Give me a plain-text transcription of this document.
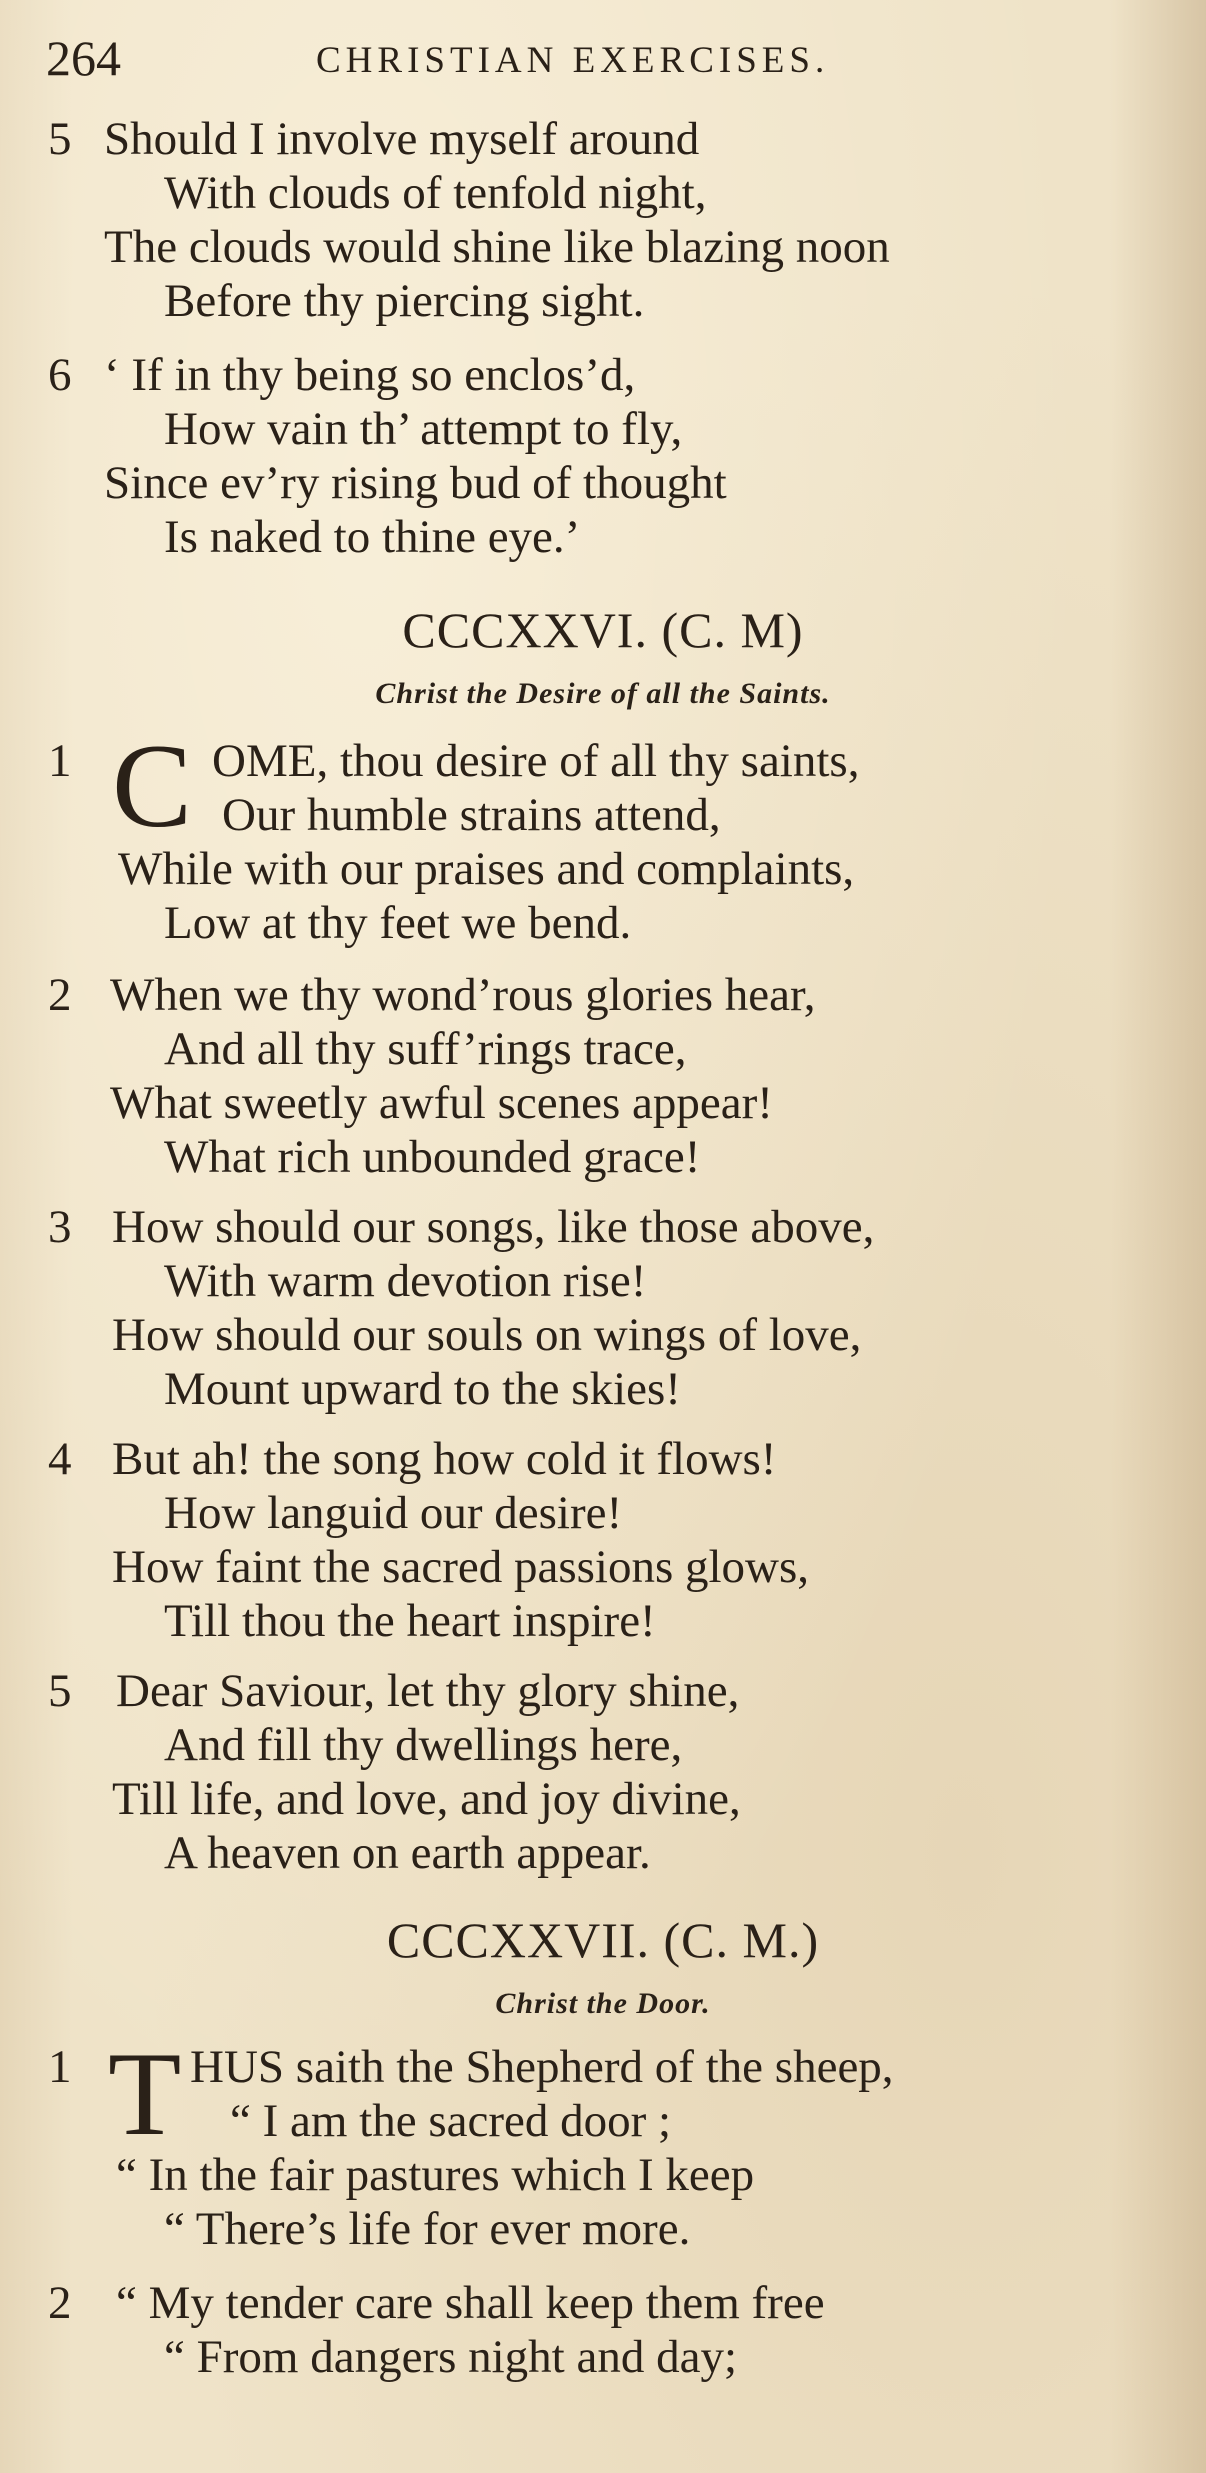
264	CHRISTIAN EXERCISES.
5 Should I involve myself around
With clouds of tenfold night,
The clouds would shine like blazing noon
Before thy piercing sight.
6 ‘ If in thy being so enclos’d,
How vain th’ attempt to fly,
Since ev’ry rising bud of thought
Is naked to thine eye.’
CCCXXVI. (C. M)
Christ the Desire of all the Saints.
1 C OME, thou desire of all thy saints,
Our humble strains attend,
While with our praises and complaints,
Low at thy feet we bend.
2 When we thy wond’rous glories hear,
And all thy suff’rings trace,
What sweetly awful scenes appear!
What rich unbounded grace!
3 How should our songs, like those above,
With warm devotion rise!
How should our souls on wings of love,
Mount upward to the skies!
4 But ah! the song how cold it flows!
How languid our desire!
How faint the sacred passions glows,
Till thou the heart inspire!
5 Dear Saviour, let thy glory shine,
And fill thy dwellings here,
Till life, and love, and joy divine,
A heaven on earth appear.
CCCXXVII. (C. M.)
Christ the Door.
1 T HUS saith the Shepherd of the sheep,
“ I am the sacred door ;
“ In the fair pastures which I keep
“ There’s life for ever more.
2 “ My tender care shall keep them free
“ From dangers night and day;
